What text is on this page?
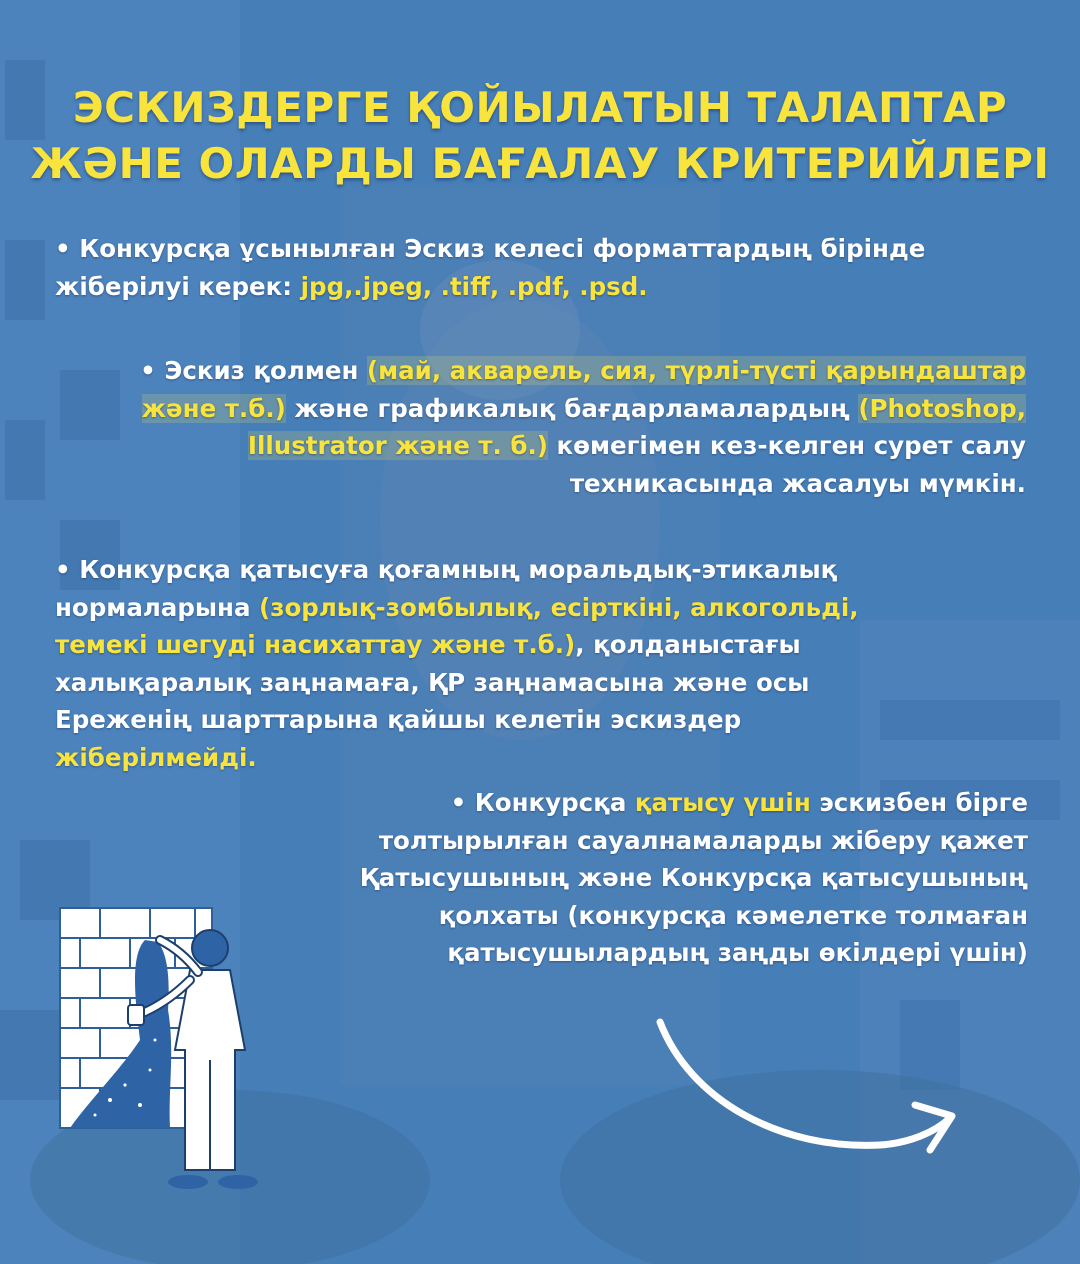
ЭСКИЗДЕРГЕ ҚОЙЫЛАТЫН ТАЛАПТАР
ЖӘНЕ ОЛАРДЫ БАҒАЛАУ КРИТЕРИЙЛЕРІ
• Конкурсқа ұсынылған Эскиз келесі форматтардың бірінде
жіберілуі керек: jpg,.jpeg, .tiff, .pdf, .psd.
• Эскиз қолмен (май, акварель, сия, түрлі-түсті қарындаштар
және т.б.) және графикалық бағдарламалардың (Photoshop,
Illustrator және т. б.) көмегімен кез-келген сурет салу
техникасында жасалуы мүмкін.
• Конкурсқа қатысуға қоғамның моральдық-этикалық
нормаларына (зорлық-зомбылық, есірткіні, алкогольді,
темекі шегуді насихаттау және т.б.), қолданыстағы
халықаралық заңнамаға, ҚР заңнамасына және осы
Ереженің шарттарына қайшы келетін эскиздер
жіберілмейді.
• Конкурсқа қатысу үшін эскизбен бірге
толтырылған сауалнамаларды жіберу қажет
Қатысушының және Конкурсқа қатысушының
қолхаты (конкурсқа кәмелетке толмаған
қатысушылардың заңды өкілдері үшін)
